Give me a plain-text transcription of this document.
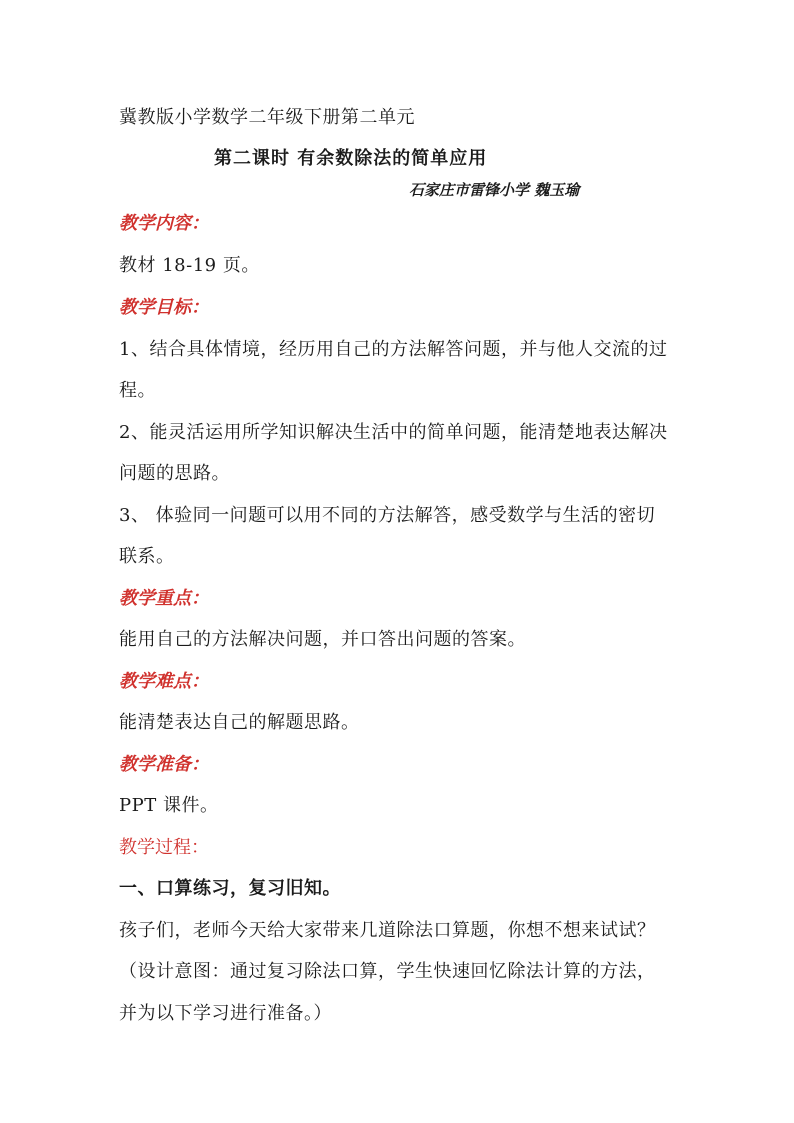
冀教版小学数学二年级下册第二单元
第二课时 有余数除法的简单应用
石家庄市雷锋小学 魏玉瑜
教学内容：
教材 18-19 页。
教学目标：
1、结合具体情境，经历用自己的方法解答问题，并与他人交流的过
程。
2、能灵活运用所学知识解决生活中的简单问题，能清楚地表达解决
问题的思路。
3、 体验同一问题可以用不同的方法解答，感受数学与生活的密切
联系。
教学重点：
能用自己的方法解决问题，并口答出问题的答案。
教学难点：
能清楚表达自己的解题思路。
教学准备：
PPT 课件。
教学过程：
一、口算练习，复习旧知。
孩子们，老师今天给大家带来几道除法口算题，你想不想来试试？
（设计意图：通过复习除法口算，学生快速回忆除法计算的方法，
并为以下学习进行准备。）
